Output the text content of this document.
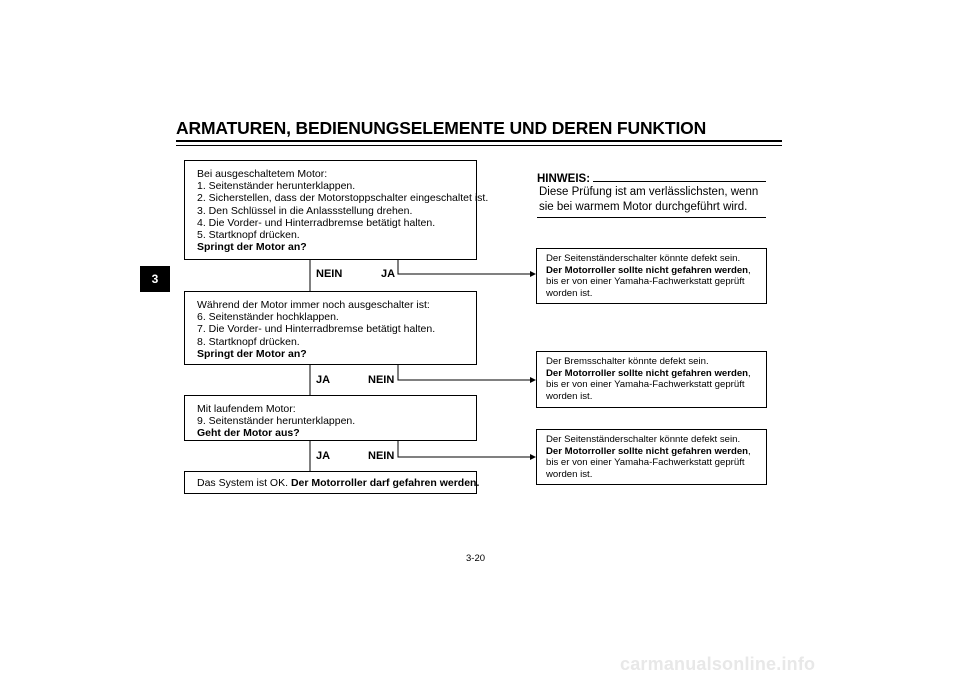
ARMATUREN, BEDIENUNGSELEMENTE UND DEREN FUNKTION
3
Bei ausgeschaltetem Motor:
1. Seitenständer herunterklappen.
2. Sicherstellen, dass der Motorstoppschalter eingeschaltet ist.
3. Den Schlüssel in die Anlassstellung drehen.
4. Die Vorder- und Hinterradbremse betätigt halten.
5. Startknopf drücken.
Springt der Motor an?
NEIN	JA
Während der Motor immer noch ausgeschalter ist:
6. Seitenständer hochklappen.
7. Die Vorder- und Hinterradbremse betätigt halten.
8. Startknopf drücken.
Springt der Motor an?
JA	NEIN
Mit laufendem Motor:
9. Seitenständer herunterklappen.
Geht der Motor aus?
JA	NEIN
Das System ist OK. Der Motorroller darf gefahren werden.
HINWEIS:
Diese Prüfung ist am verlässlichsten, wenn sie bei warmem Motor durchgeführt wird.
Der Seitenständerschalter könnte defekt sein.
Der Motorroller sollte nicht gefahren werden,
bis er von einer Yamaha-Fachwerkstatt geprüft
worden ist.
Der Bremsschalter könnte defekt sein.
Der Motorroller sollte nicht gefahren werden,
bis er von einer Yamaha-Fachwerkstatt geprüft
worden ist.
Der Seitenständerschalter könnte defekt sein.
Der Motorroller sollte nicht gefahren werden,
bis er von einer Yamaha-Fachwerkstatt geprüft
worden ist.
3-20
carmanualsonline.info
